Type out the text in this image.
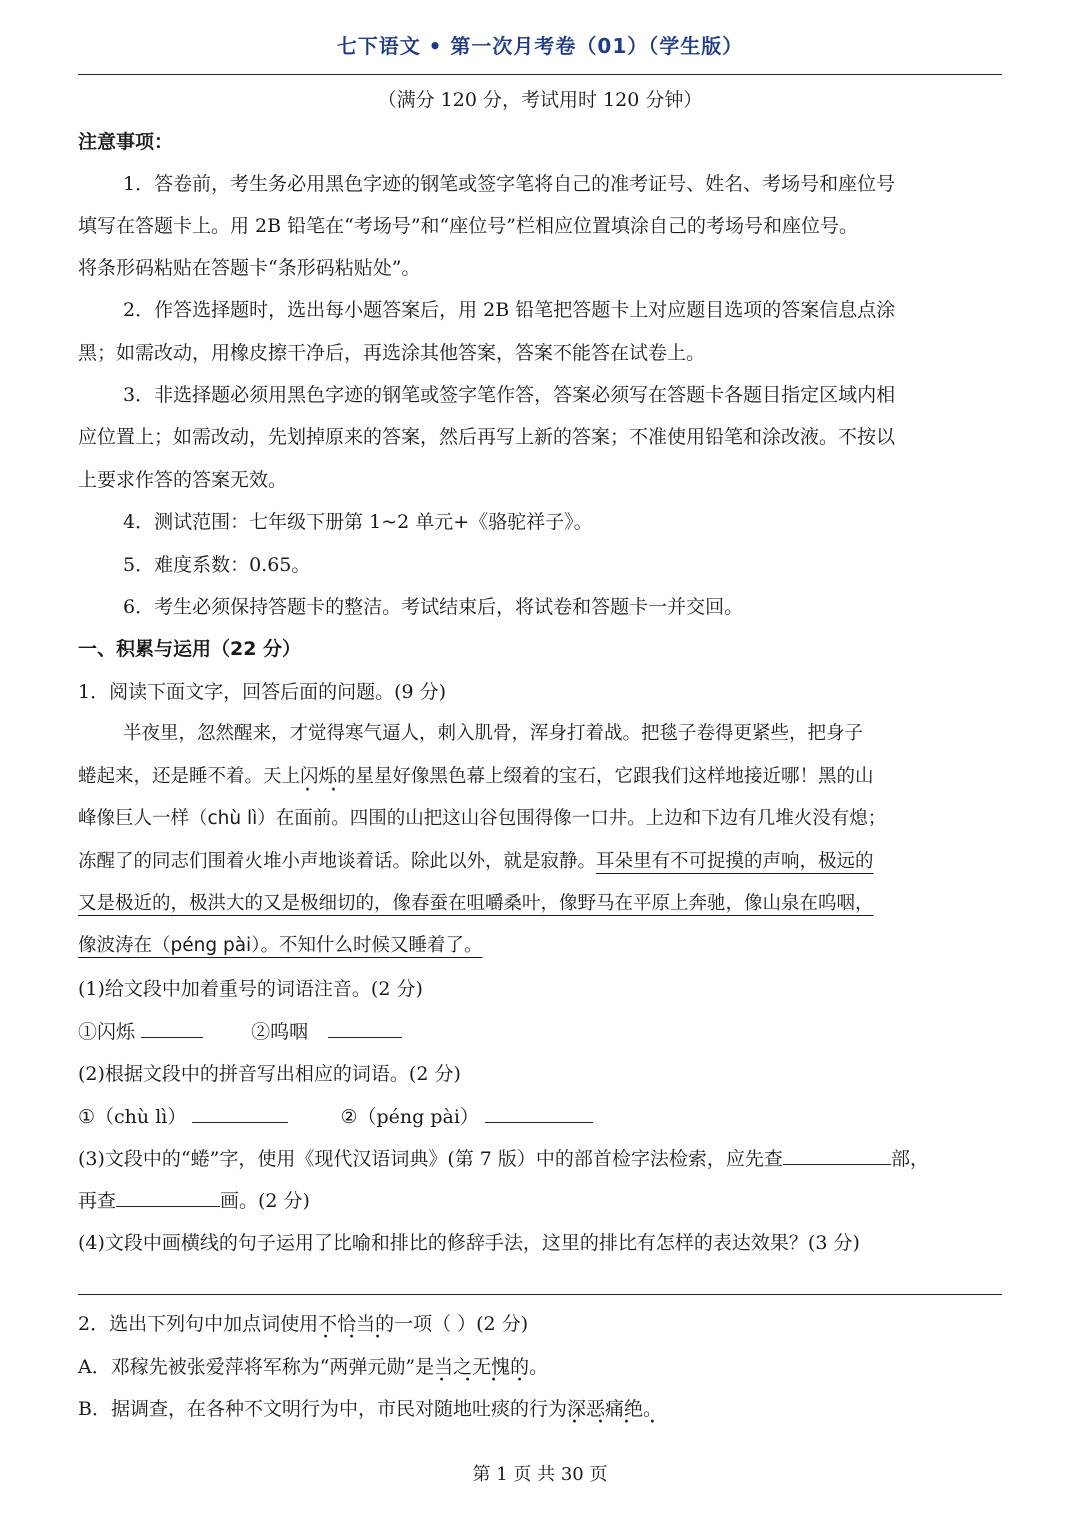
七下语文 • 第一次月考卷（01）（学生版）
（满分 120 分，考试用时 120 分钟）
注意事项：
1．答卷前，考生务必用黑色字迹的钢笔或签字笔将自己的准考证号、姓名、考场号和座位号
填写在答题卡上。用 2B 铅笔在“考场号”和“座位号”栏相应位置填涂自己的考场号和座位号。
将条形码粘贴在答题卡“条形码粘贴处”。
2．作答选择题时，选出每小题答案后，用 2B 铅笔把答题卡上对应题目选项的答案信息点涂
黑；如需改动，用橡皮擦干净后，再选涂其他答案，答案不能答在试卷上。
3．非选择题必须用黑色字迹的钢笔或签字笔作答，答案必须写在答题卡各题目指定区域内相
应位置上；如需改动，先划掉原来的答案，然后再写上新的答案；不准使用铅笔和涂改液。不按以
上要求作答的答案无效。
4．测试范围：七年级下册第 1~2 单元+《骆驼祥子》。
5．难度系数：0.65。
6．考生必须保持答题卡的整洁。考试结束后，将试卷和答题卡一并交回。
一、积累与运用（22 分）
1．阅读下面文字，回答后面的问题。(9 分)
半夜里，忽然醒来，才觉得寒气逼人，刺入肌骨，浑身打着战。把毯子卷得更紧些，把身子
蜷起来，还是睡不着。天上闪烁 · ·的星星好像黑色幕上缀着的宝石，它跟我们这样地接近哪！黑的山
峰像巨人一样（chù lì）在面前。四围的山把这山谷包围得像一口井。上边和下边有几堆火没有熄；
冻醒了的同志们围着火堆小声地谈着话。除此以外，就是寂静。耳朵里有不可捉摸的声响，极远的
又是极近的，极洪大的又是极细切的，像春蚕在咀嚼桑叶，像野马在平原上奔驰，像山泉在呜咽，
像波涛在（péng pài）。不知什么时候又睡着了。
(1)给文段中加着重号的词语注音。(2 分)
①闪烁	②呜咽
(2)根据文段中的拼音写出相应的词语。(2 分)
①（chù lì）	②（péng pài）
(3)文段中的“蜷”字，使用《现代汉语词典》(第 7 版）中的部首检字法检索，应先查	部，
再查	画。(2 分)
(4)文段中画横线的句子运用了比喻和排比的修辞手法，这里的排比有怎样的表达效果？(3 分)
2．选出下列句中加点词使用不恰当 · · ·的一项（ ）(2 分)
A．邓稼先被张爱萍将军称为“两弹元勋”是当之无愧 · ·的。
B．据调查，在各种不文明行为中，市民对随地吐痰的行为深恶痛绝 · ·。
第 1 页 共 30 页
